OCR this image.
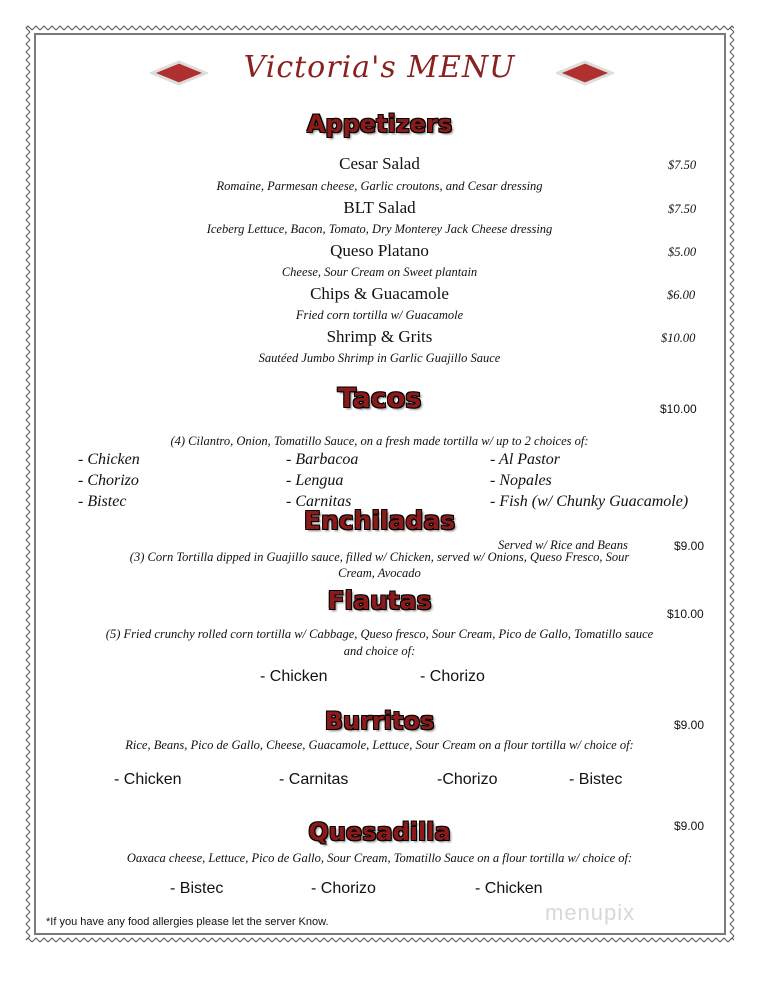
Victoria's MENU
Appetizers
Cesar Salad	$7.50
Romaine, Parmesan cheese, Garlic croutons, and Cesar dressing
BLT Salad	$7.50
Iceberg Lettuce, Bacon, Tomato, Dry Monterey Jack Cheese dressing
Queso Platano	$5.00
Cheese, Sour Cream on Sweet plantain
Chips & Guacamole	$6.00
Fried corn tortilla w/ Guacamole
Shrimp & Grits	$10.00
Sautéed Jumbo Shrimp in Garlic Guajillo Sauce
Tacos	$10.00
(4) Cilantro, Onion, Tomatillo Sauce, on a fresh made tortilla w/ up to 2 choices of:
- Chicken	- Barbacoa	- Al Pastor
- Chorizo	- Lengua	- Nopales
- Bistec	- Carnitas	- Fish (w/ Chunky Guacamole)
Enchiladas
Served w/ Rice and Beans	$9.00
(3) Corn Tortilla dipped in Guajillo sauce, filled w/ Chicken, served w/ Onions, Queso Fresco, Sour
Cream, Avocado
Flautas	$10.00
(5) Fried crunchy rolled corn tortilla w/ Cabbage, Queso fresco, Sour Cream, Pico de Gallo, Tomatillo sauce
and choice of:
- Chicken	- Chorizo
Burritos	$9.00
Rice, Beans, Pico de Gallo, Cheese, Guacamole, Lettuce, Sour Cream on a flour tortilla w/ choice of:
- Chicken	- Carnitas	-Chorizo	- Bistec
Quesadilla	$9.00
Oaxaca cheese, Lettuce, Pico de Gallo, Sour Cream, Tomatillo Sauce on a flour tortilla w/ choice of:
- Bistec	- Chorizo	- Chicken
menupix
*If you have any food allergies please let the server Know.
